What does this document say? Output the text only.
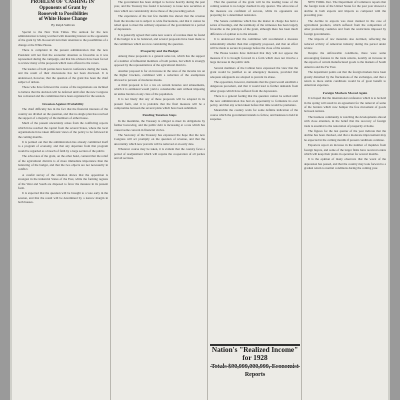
PROBLEM OF 'CASHING IN'
Opponents of Grant by
Roosevelt to Possibilities
of White House Change
By Ralph Sullivan

Special to the New York Times. The outlook for the new administration is being watched with mounting interest as the opponents of the grant by Mr. Roosevelt turn their attention to the possibilities of a change at the White House.

There is complaint in the present administration that the new President will not find the economic situation as favorable as it was represented during the campaign, and that his advisers have been forced to review many of the proposals which were offered to the voters.

The leaders of both parties have been in conference during the week, and the result of their discussions has not been disclosed. It is understood, however, that the question of the grant has been the chief subject of debate.

Those who have followed the course of the negotiations are inclined to believe that the decision will be deferred until after the new Congress has convened and the committees have been organized for the session.

Invasion Against Probability

The chief difficulty lies in the fact that the financial interests of the country are divided on the question, and that no single plan has received the support of a majority of the members of either house.

Much of the present uncertainty arises from the conflicting reports which have reached the capital from the several States, where the local organizations have taken different views of the policy to be followed in the coming months.

It is pointed out that the administration has already committed itself to a program of economy, and that any departure from that program would be regarded as a breach of faith by a large section of the public.

The advocates of the grant, on the other hand, contend that the relief of the agricultural districts is of more immediate importance than the balancing of the budget, and that the two objects are not necessarily in conflict.

A careful survey of the situation shows that the opposition is strongest in the industrial States of the East, while the farming regions of the West and South are disposed to favor the measure in its present form.

It is expected that the question will be brought to a vote early in the session, and that the result will be determined by a narrow margin in both houses.

The government has been obliged to borrow heavily during the past year, and the Treasury has found it necessary to issue new securities at rates which are considerably above those of the preceding period.

The experience of the last few months has shown that the revenue from the income tax is subject to wide fluctuations, and that it cannot be relied upon to meet the ordinary expenses of the government in a period of depression.

It is generally agreed that some new source of revenue must be found if the budget is to be balanced, and several proposals have been made to the committees which are now considering the question.

Prosperity and the Budget

Among these proposals is a general sales tax, which has the support of a number of influential members of both parties, but which is strongly opposed by the representatives of the agricultural districts.

Another proposal is for an increase in the rates of the income tax on the higher brackets, combined with a reduction of the exemptions allowed to persons of moderate means.

A third proposal is for a tax on certain luxuries and amusements, which it is estimated would yield a considerable sum without imposing an undue burden on any class of the population.

It is not likely that any of these proposals will be adopted in its present form, and it is probable that the final measure will be a compromise between the several plans which have been submitted.

Pending Taxation Steps

In the meantime, the Treasury is obliged to meet its obligations by further borrowing, and the public debt is increasing at a rate which has caused some concern in financial circles.

The Secretary of the Treasury has expressed the hope that the new Congress will act promptly on the question of revenue, and that the uncertainty which now prevails will be removed at an early date.

Whatever course may be taken, it is evident that the country faces a period of readjustment which will require the cooperation of all parties and all sections.

That the question of the grant will be the leading issue of the coming session is no longer doubted in any quarter. The advocates of the measure are confident of success, while its opponents are preparing for a determined resistance.

The Senate committee which has the matter in charge has held a series of hearings, and the testimony of the witnesses has been largely favorable to the principle of the grant, although there has been much difference of opinion as to the amount.

It is understood that the committee will recommend a measure substantially smaller than that originally proposed, and that an effort will be made to secure its passage before the close of the session.

The House leaders have indicated that they will not oppose the measure if it is brought forward in a form which does not involve a large increase in the public debt.

Several members of the Cabinet have expressed the view that the grant would be justified as an emergency measure, provided that adequate safeguards are adopted to prevent its abuse.

The opposition, however, maintains that the grant would establish a dangerous precedent, and that it would lead to further demands from other groups which have suffered from the depression.

There is a general feeling that the question cannot be settled until the new administration has had an opportunity to formulate its own policy, and that any action taken before that time would be premature.

Meanwhile the country waits for some definite indication of the course which the government intends to follow, and business is held in suspense.

Nation's "Realized Income" for 1928
Reports

NEW YORK. Dec. The Department of Commerce reports that the foreign trade of the United States for the past year showed a decline in both exports and imports as compared with the preceding year.

The decline in exports was most marked in the case of agricultural products, which suffered from the competition of other producing countries and from the restrictions imposed by foreign governments.

The imports of raw materials also declined, reflecting the reduced activity of American industry during the period under review.

Despite the unfavorable conditions, there were some encouraging features in the trade returns, notably an increase in the exports of certain manufactured goods to the markets of South America and the Far East.

The department points out that the foreign markets have been greatly disturbed by the fluctuations of the exchanges, and that a return to more stable conditions would be of great benefit to American exporters.

Foreign Markets Moved Again

It is hoped that the international conference which is to be held in the spring will result in an agreement for the removal of some of the barriers which now hamper the free movement of goods between nations.

The business community is watching the developments abroad with close attention, in the belief that the recovery of foreign trade is essential to the restoration of prosperity at home.

The figures for the last quarter of the year indicate that the decline has been checked, and that a moderate improvement may be expected in the coming months if present conditions continue.

Exporters report an increase in the number of inquiries from foreign buyers, and some of the larger firms have received orders which will keep their plants in operation for several months.

It is the opinion of many observers that the worst of the depression has passed, and that the country may look forward to a gradual return to normal conditions during the coming year.
